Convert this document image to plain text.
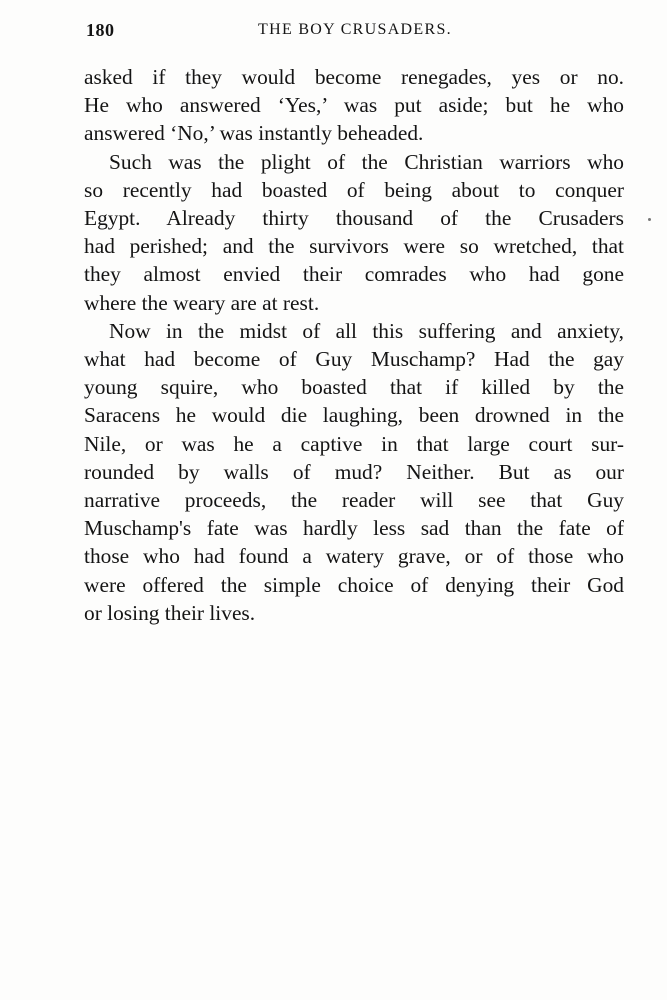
180	THE BOY CRUSADERS.
asked if they would become renegades, yes or no.
He who answered ‘Yes,’ was put aside; but he who
answered ‘No,’ was instantly beheaded.
Such was the plight of the Christian warriors who
so recently had boasted of being about to conquer
Egypt. Already thirty thousand of the Crusaders
had perished; and the survivors were so wretched, that
they almost envied their comrades who had gone
where the weary are at rest.
Now in the midst of all this suffering and anxiety,
what had become of Guy Muschamp? Had the gay
young squire, who boasted that if killed by the
Saracens he would die laughing, been drowned in the
Nile, or was he a captive in that large court sur-
rounded by walls of mud? Neither. But as our
narrative proceeds, the reader will see that Guy
Muschamp's fate was hardly less sad than the fate of
those who had found a watery grave, or of those who
were offered the simple choice of denying their God
or losing their lives.
